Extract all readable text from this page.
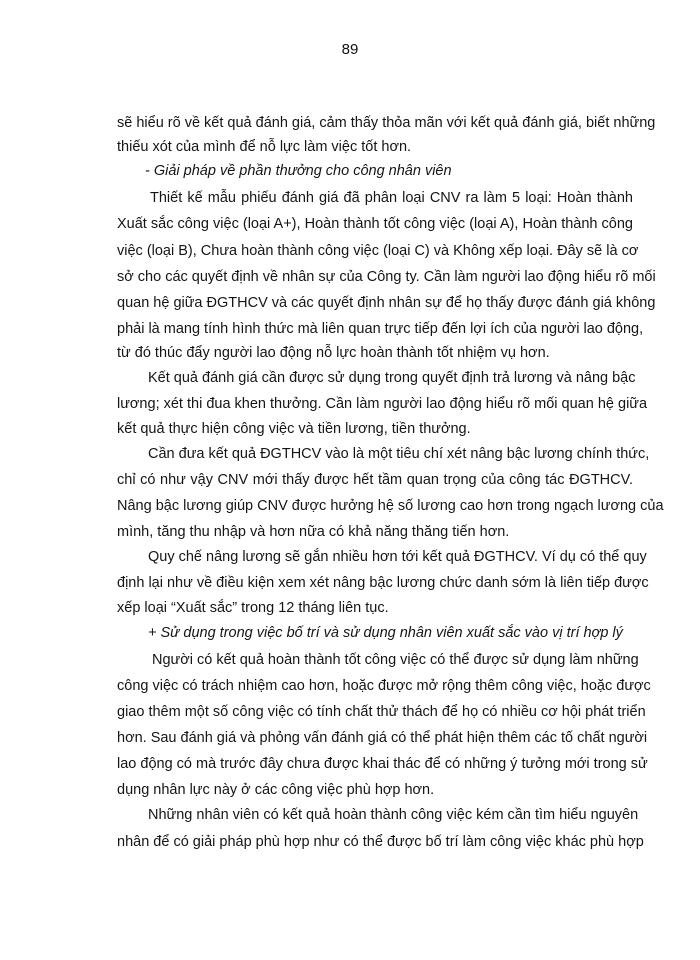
89
sẽ hiểu rõ về kết quả đánh giá, cảm thấy thỏa mãn với kết quả đánh giá, biết những
thiếu xót của mình để nỗ lực làm việc tốt hơn.
- Giải pháp về phần thưởng cho công nhân viên
Thiết kế mẫu phiếu đánh giá đã phân loại CNV ra làm 5 loại: Hoàn thành
Xuất sắc công việc (loại A+), Hoàn thành tốt công việc (loại A), Hoàn thành công
việc (loại B), Chưa hoàn thành công việc (loại C) và Không xếp loại. Đây sẽ là cơ
sở cho các quyết định về nhân sự của Công ty. Cần làm người lao động hiểu rõ mối
quan hệ giữa ĐGTHCV và các quyết định nhân sự để họ thấy được đánh giá không
phải là mang tính hình thức mà liên quan trực tiếp đến lợi ích của người lao động,
từ đó thúc đẩy người lao động nỗ lực hoàn thành tốt nhiệm vụ hơn.
Kết quả đánh giá cần được sử dụng trong quyết định trả lương và nâng bậc
lương; xét thi đua khen thưởng. Cần làm người lao động hiểu rõ mối quan hệ giữa
kết quả thực hiện công việc và tiền lương, tiền thưởng.
Cần đưa kết quả ĐGTHCV vào là một tiêu chí xét nâng bậc lương chính thức,
chỉ có như vậy CNV mới thấy được hết tầm quan trọng của công tác ĐGTHCV.
Nâng bậc lương giúp CNV được hưởng hệ số lương cao hơn trong ngạch lương của
mình, tăng thu nhập và hơn nữa có khả năng thăng tiến hơn.
Quy chế nâng lương sẽ gắn nhiều hơn tới kết quả ĐGTHCV. Ví dụ có thể quy
định lại như về điều kiện xem xét nâng bậc lương chức danh sớm là liên tiếp được
xếp loại “Xuất sắc” trong 12 tháng liên tục.
+ Sử dụng trong việc bố trí và sử dụng nhân viên xuất sắc vào vị trí hợp lý
Người có kết quả hoàn thành tốt công việc có thể được sử dụng làm những
công việc có trách nhiệm cao hơn, hoặc được mở rộng thêm công việc, hoặc được
giao thêm một số công việc có tính chất thử thách để họ có nhiều cơ hội phát triển
hơn. Sau đánh giá và phỏng vấn đánh giá có thể phát hiện thêm các tố chất người
lao động có mà trước đây chưa được khai thác để có những ý tưởng mới trong sử
dụng nhân lực này ở các công việc phù hợp hơn.
Những nhân viên có kết quả hoàn thành công việc kém cần tìm hiểu nguyên
nhân để có giải pháp phù hợp như có thể được bố trí làm công việc khác phù hợp
